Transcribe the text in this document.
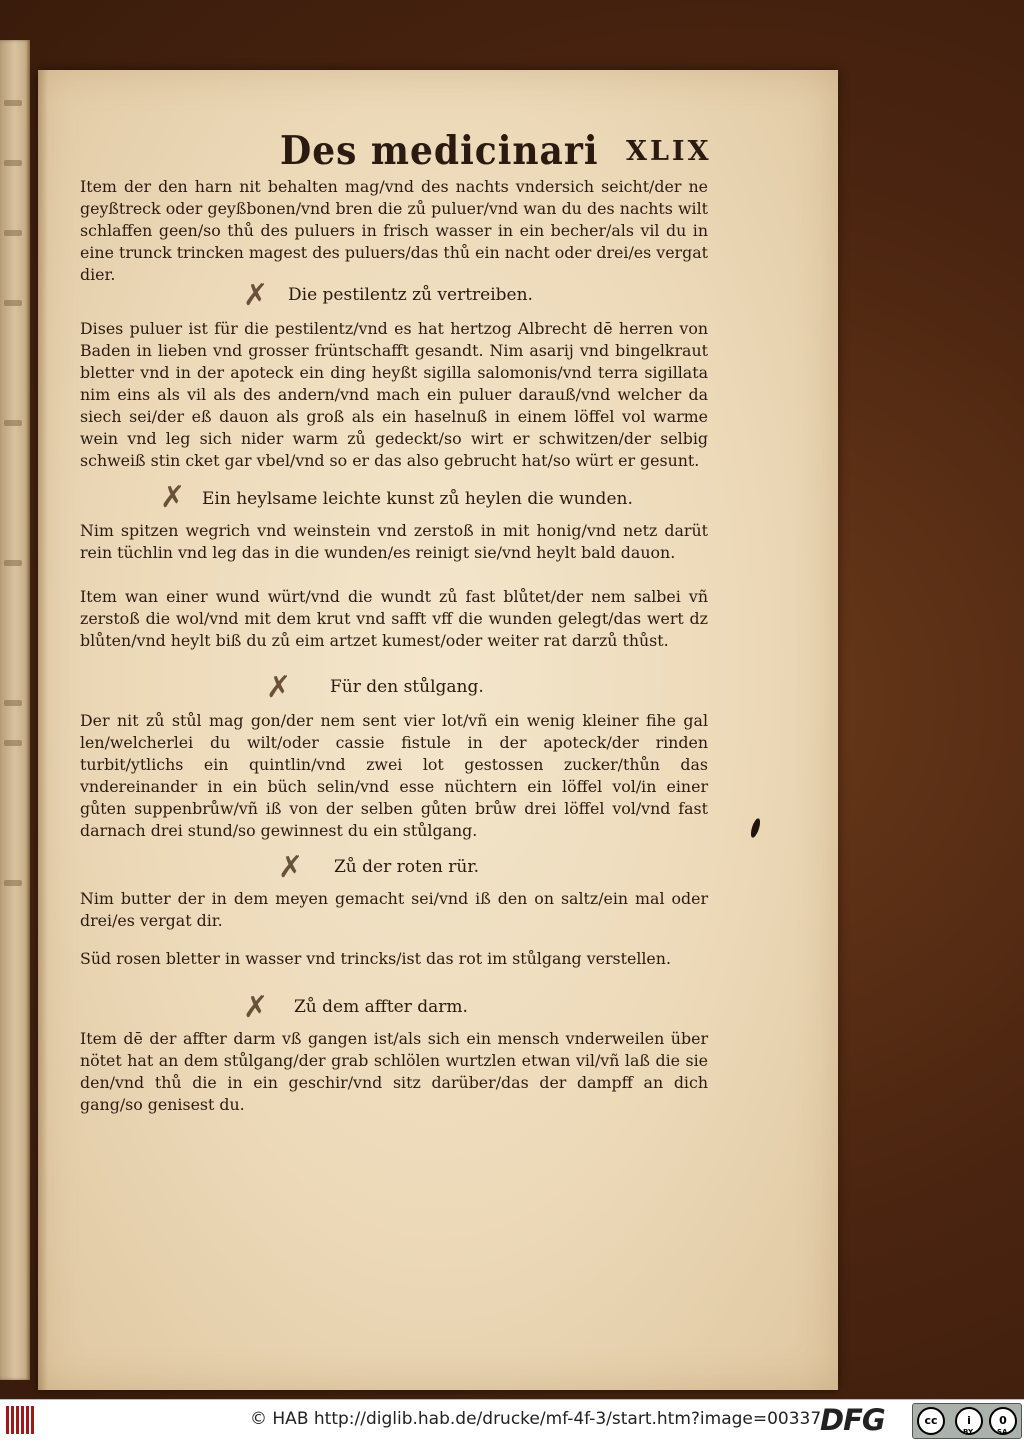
Des medicinari XLIX
Item der den harn nit behalten mag/vnd des nachts vndersich seicht/der ne geyßtreck oder geyßbonen/vnd bren die zů puluer/vnd wan du des nachts wilt schlaffen geen/so thů des puluers in frisch wasser in ein becher/als vil du in eine trunck trincken magest des puluers/das thů ein nacht oder drei/es vergat dier.
✗ Die pestilentz zů vertreiben.
Dises puluer ist für die pestilentz/vnd es hat hertzog Albrecht dē herren von Baden in lieben vnd grosser früntschafft gesandt. Nim asarij vnd bingelkraut bletter vnd in der apoteck ein ding heyßt sigilla salomonis/vnd terra sigillata nim eins als vil als des andern/vnd mach ein puluer darauß/vnd welcher da siech sei/der eß dauon als groß als ein haselnuß in einem löffel vol warme wein vnd leg sich nider warm zů gedeckt/so wirt er schwitzen/der selbig schweiß stin cket gar vbel/vnd so er das also gebrucht hat/so würt er gesunt.
✗ Ein heylsame leichte kunst zů heylen die wunden.
Nim spitzen wegrich vnd weinstein vnd zerstoß in mit honig/vnd netz darüt rein tüchlin vnd leg das in die wunden/es reinigt sie/vnd heylt bald dauon.
Item wan einer wund würt/vnd die wundt zů fast blůtet/der nem salbei vñ zerstoß die wol/vnd mit dem krut vnd safft vff die wunden gelegt/das wert dz blůten/vnd heylt biß du zů eim artzet kumest/oder weiter rat darzů thůst.
✗ Für den stůlgang.
Der nit zů stůl mag gon/der nem sent vier lot/vñ ein wenig kleiner fihe gal len/welcherlei du wilt/oder cassie fistule in der apoteck/der rinden turbit/ytlichs ein quintlin/vnd zwei lot gestossen zucker/thůn das vndereinander in ein büch selin/vnd esse nüchtern ein löffel vol/in einer gůten suppenbrůw/vñ iß von der selben gůten brůw drei löffel vol/vnd fast darnach drei stund/so gewinnest du ein stůlgang.
✗ Zů der roten rür.
Nim butter der in dem meyen gemacht sei/vnd iß den on saltz/ein mal oder drei/es vergat dir.
Süd rosen bletter in wasser vnd trincks/ist das rot im stůlgang verstellen.
✗ Zů dem affter darm.
Item dē der affter darm vß gangen ist/als sich ein mensch vnderweilen über nötet hat an dem stůlgang/der grab schlölen wurtzlen etwan vil/vñ laß die sie den/vnd thů die in ein geschir/vnd sitz darüber/das der dampff an dich gang/so genisest du.
© HAB http://diglib.hab.de/drucke/mf-4f-3/start.htm?image=00337
DFG	cc	i	0
BY	SA
